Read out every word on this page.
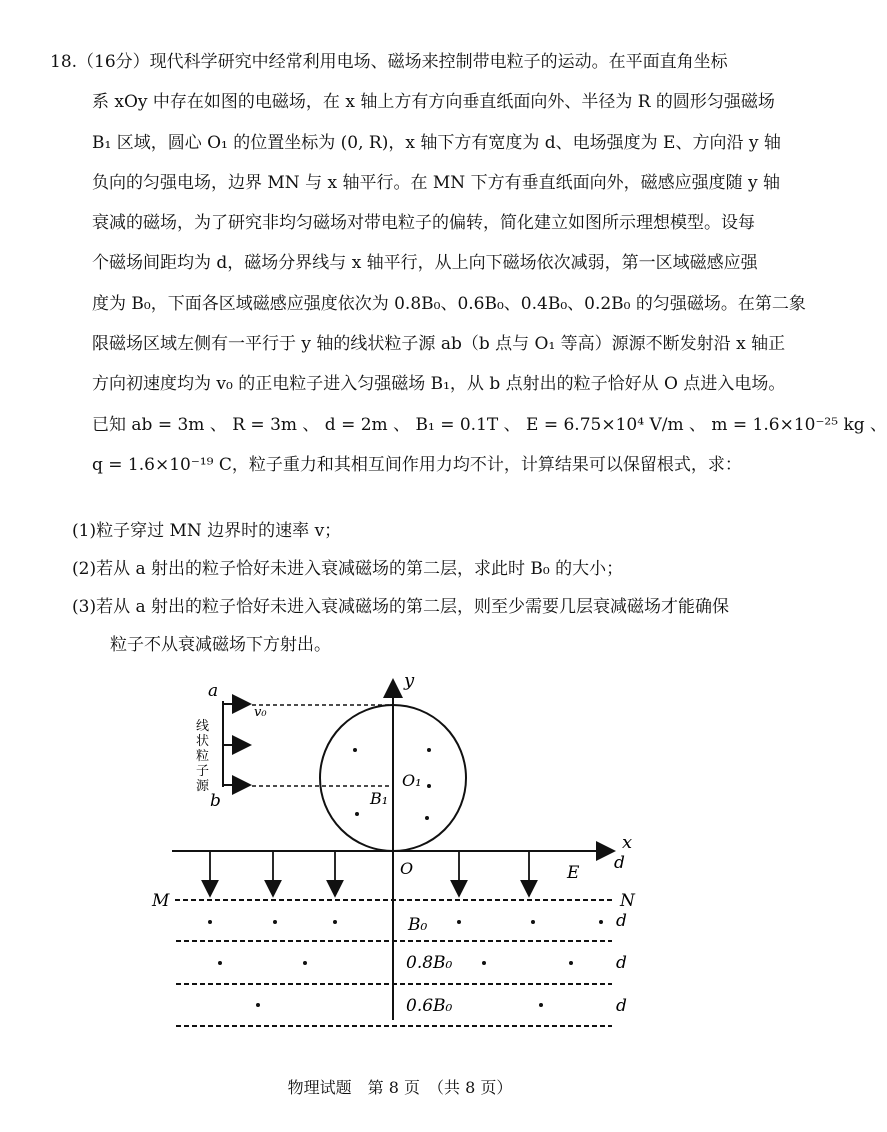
18.（16分）现代科学研究中经常利用电场、磁场来控制带电粒子的运动。在平面直角坐标
系 xOy 中存在如图的电磁场，在 x 轴上方有方向垂直纸面向外、半径为 R 的圆形匀强磁场
B₁ 区域，圆心 O₁ 的位置坐标为 (0, R)，x 轴下方有宽度为 d、电场强度为 E、方向沿 y 轴
负向的匀强电场，边界 MN 与 x 轴平行。在 MN 下方有垂直纸面向外，磁感应强度随 y 轴
衰减的磁场，为了研究非均匀磁场对带电粒子的偏转，简化建立如图所示理想模型。设每
个磁场间距均为 d，磁场分界线与 x 轴平行，从上向下磁场依次减弱，第一区域磁感应强
度为 B₀，下面各区域磁感应强度依次为 0.8B₀、0.6B₀、0.4B₀、0.2B₀ 的匀强磁场。在第二象
限磁场区域左侧有一平行于 y 轴的线状粒子源 ab（b 点与 O₁ 等高）源源不断发射沿 x 轴正
方向初速度均为 v₀ 的正电粒子进入匀强磁场 B₁，从 b 点射出的粒子恰好从 O 点进入电场。
已知 ab = 3m 、 R = 3m 、 d = 2m 、 B₁ = 0.1T 、 E = 6.75×10⁴ V/m 、 m = 1.6×10⁻²⁵ kg 、
q = 1.6×10⁻¹⁹ C，粒子重力和其相互间作用力均不计，计算结果可以保留根式，求：
(1)粒子穿过 MN 边界时的速率 v；
(2)若从 a 射出的粒子恰好未进入衰减磁场的第二层，求此时 B₀ 的大小；
(3)若从 a 射出的粒子恰好未进入衰减磁场的第二层，则至少需要几层衰减磁场才能确保
粒子不从衰减磁场下方射出。
y
x
O₁
B₁
a
b
v₀
线 状 粒 子 源
O	E d
M	N
B₀	d
0.8B₀	d
0.6B₀	d
物理试题　第 8 页　（共 8 页）
